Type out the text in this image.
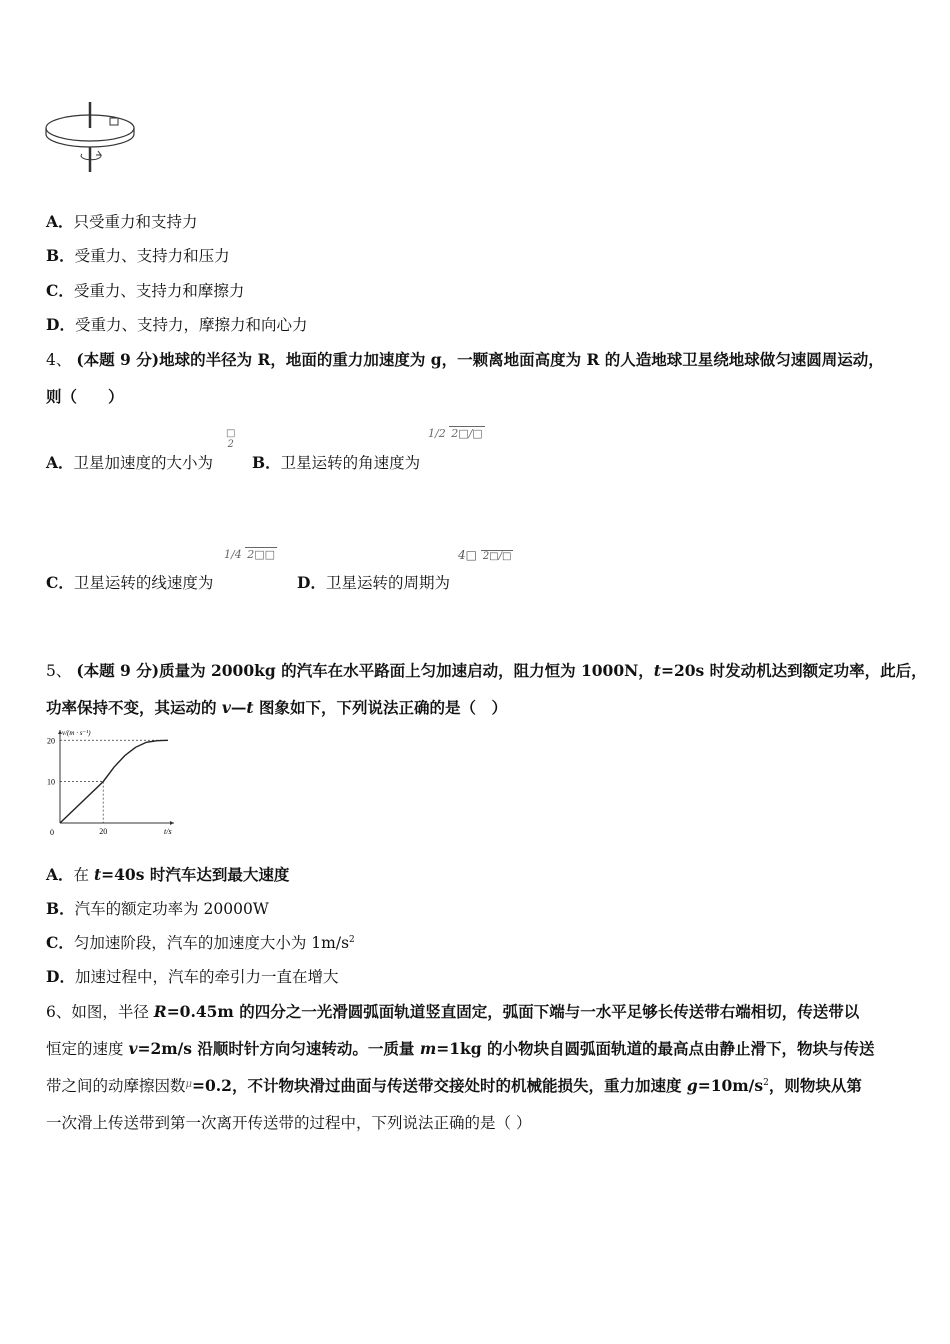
A．只受重力和支持力
B．受重力、支持力和压力
C．受重力、支持力和摩擦力
D．受重力、支持力，摩擦力和向心力
4、 (本题 9 分)地球的半径为 R，地面的重力加速度为 g，一颗离地面高度为 R 的人造地球卫星绕地球做匀速圆周运动，
则（　　）
A．卫星加速度的大小为
□
2
B．卫星运转的角速度为
1/2 2□/□
C．卫星运转的线速度为
1/4 2□□
D．卫星运转的周期为
4□ 2□/□
5、 (本题 9 分)质量为 2000kg 的汽车在水平路面上匀加速启动，阻力恒为 1000N，t=20s 时发动机达到额定功率，此后，
功率保持不变，其运动的 v—t 图象如下，下列说法正确的是（　）
0	20
10
20
v/(m · s⁻¹)
t/s
A．在 t=40s 时汽车达到最大速度
B．汽车的额定功率为 20000W
C．匀加速阶段，汽车的加速度大小为 $1m/s^2$
D．加速过程中，汽车的牵引力一直在增大
6、如图，半径 R=0.45m 的四分之一光滑圆弧面轨道竖直固定，弧面下端与一水平足够长传送带右端相切，传送带以
恒定的速度 v=2m/s 沿顺时针方向匀速转动。一质量 m=1kg 的小物块自圆弧面轨道的最高点由静止滑下，物块与传送
带之间的动摩擦因数$^\mu$=0.2，不计物块滑过曲面与传送带交接处时的机械能损失，重力加速度 $g=10m/s^2$，则物块从第
一次滑上传送带到第一次离开传送带的过程中，下列说法正确的是（ ）
